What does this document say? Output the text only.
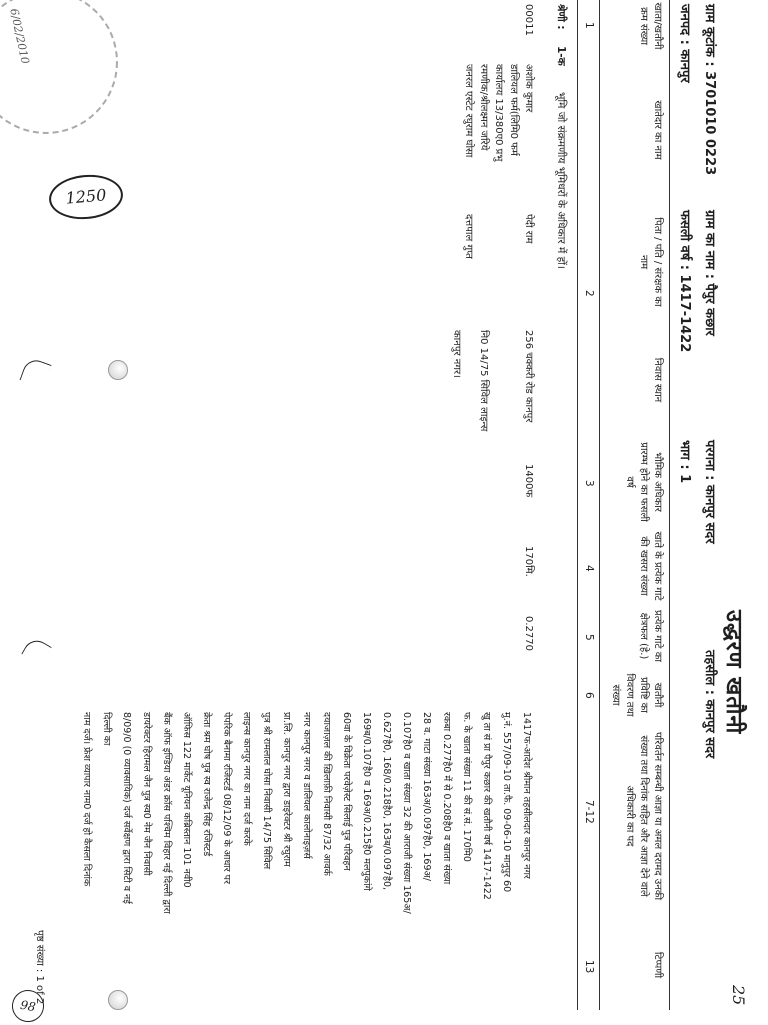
6/02/2010
उद्धरण खतौनी
ग्राम कूटांक : 3701010 0223
ग्राम का नाम : पैपुर कछार
परगना : कानपुर सदर
तहसील : कानपुर सदर
जनपद : कानपुर
फसली वर्ष : 1417-1422
भाग : 1
खाता/खतौनी क्रम संख्या
खातेदार का नाम
पिता / पति / संरक्षक का नाम
निवास स्थान
भौमिक अधिकार प्रारम्भ होने का फसली वर्ष
खाते के प्रत्येक गाटे की खसरा संख्या
प्रत्येक गाटे का क्षेत्रफल (हे.)
खतौनी प्रविष्टि का विवरण तथा संख्या
परिवर्तन सम्बन्धी आज्ञा या अमल दरामद उनकी संख्या तथा दिनांक सहित और आज्ञा देने वाले अधिकारी का पद
टिप्पणी
1
2
3
4
5
6
7-12
13
श्रेणी :
1-क
भूमि जो संक्रमणीय भूमिधरों के अधिकार में हों।
00011
अशोक कुमार
डालियल फर्म(लिमि0 फर्म
कार्यालय 13/380ए0 प्रभु
रमणीक/श्रीलक्ष्मन जरिये
जनरल एस्टेट रघुराम घोसा
पेदी राम
दत्तपाल गुप्त
256 चक्करी रोड कानपुर
नि0 14/75 सिविल लाइन्स
कानपुर नगर।
1400फ
170मि.
0.2770
1417फ-आदेश श्रीमान तहसीलदार कानपुर नगर
मु.नं. 557/09-10 ता.फै. 09-06-10 मानुपुर 60
खु ता सं प्रा पैपुर कछार की खतौनी वर्ष 1417-1422
फ. के खाता संख्या 11 की सं.सं. 170मि0
रकबा 0.277है0 में से 0.208है0 व खाता संख्या
28 व. गाटा संख्या 163अ/0.097है0, 169अ/
0.107है0 व खाता संख्या 32 की आराजी संख्या 165अ/
0.627है0, 168/0.218है0, 163ब/0.097है0,
169ब/0.107है0 व 169अ/0.215है0 मलपुकांगे
60वा के विक्रेता परवेज़ेस्ट सिलाई पुत्र परिवहन
दयाजाज़ल की ख़िलाफ़ी निवासी 87/32 आवर्क
नगर कानपुर नगर व डालियल कालोनाइज़र्स
प्रा.लि. कानपुर नगर द्वारा डाइरेक्टर श्री रघुराम
पुत्र श्री रामलाल घोसा निवासी 14/75 सिविल
लाइन्स कानपुर नगर का नाम दर्ज करके
पेपरिक बैनामा रजिस्टर्ड 08/12/09 के आधार पर
क्रेता श्रम घोष पुत्र स्व राजेन्द्र सिंह रजिस्टर्ड
ऑफिस 122 मार्केट यूनियन कब्रिस्तान 101 नवी0
बैंक ऑफ इण्डिया अंडर क्रॉस पश्चिम विहार नई दिल्ली द्वारा
डायरेक्टर हिरामल जैन पुत्र स्व0 नेम जैन निवासी
8/09/0 (0 व्यावसायिक) दर्ज सर्वेक्षण द्वारा सिटी व नई दिल्ली का
नाम दर्ज। फ्रेश व्यापार नाम0 दर्ज हो कैसला दिनांक
1250
25
पृष्ठ संख्या : 1 of 2
98
